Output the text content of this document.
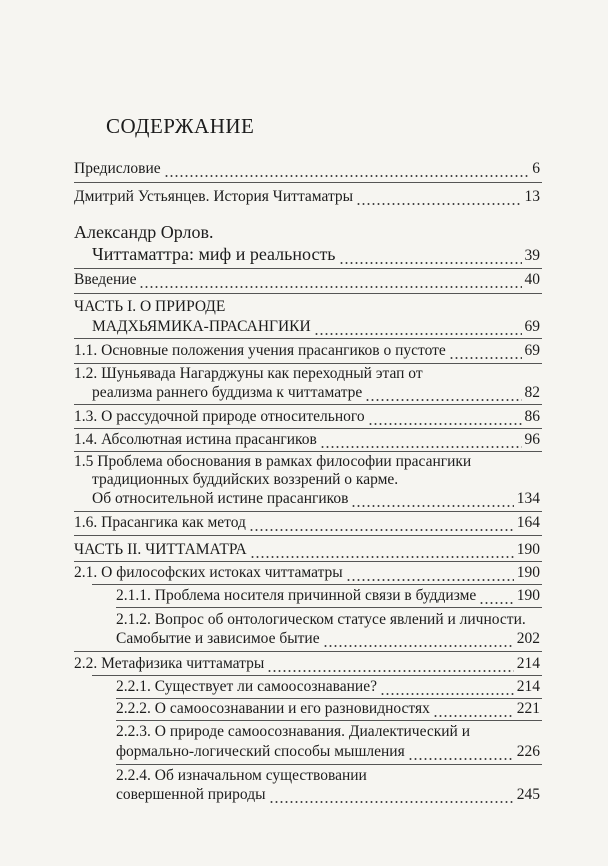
СОДЕРЖАНИЕ
Предисловие	6
Дмитрий Устьянцев. История Читтаматры	13
Александр Орлов.
Читтаматтра: миф и реальность	39
Введение	40
ЧАСТЬ I. О ПРИРОДЕ
МАДХЬЯМИКА-ПРАСАНГИКИ	69
1.1. Основные положения учения прасангиков о пустоте	69
1.2. Шуньявада Нагарджуны как переходный этап от
реализма раннего буддизма к читтаматре	82
1.3. О рассудочной природе относительного	86
1.4. Абсолютная истина прасангиков	96
1.5 Проблема обоснования в рамках философии прасангики
традиционных буддийских воззрений о карме.
Об относительной истине прасангиков	134
1.6. Прасангика как метод	164
ЧАСТЬ II. ЧИТТАМАТРА	190
2.1. О философских истоках читтаматры	190
2.1.1. Проблема носителя причинной связи в буддизме	190
2.1.2. Вопрос об онтологическом статусе явлений и личности.
Самобытие и зависимое бытие	202
2.2. Метафизика читтаматры	214
2.2.1. Существует ли самоосознавание?	214
2.2.2. О самоосознавании и его разновидностях	221
2.2.3. О природе самоосознавания. Диалектический и
формально-логический способы мышления	226
2.2.4. Об изначальном существовании
совершенной природы	245
